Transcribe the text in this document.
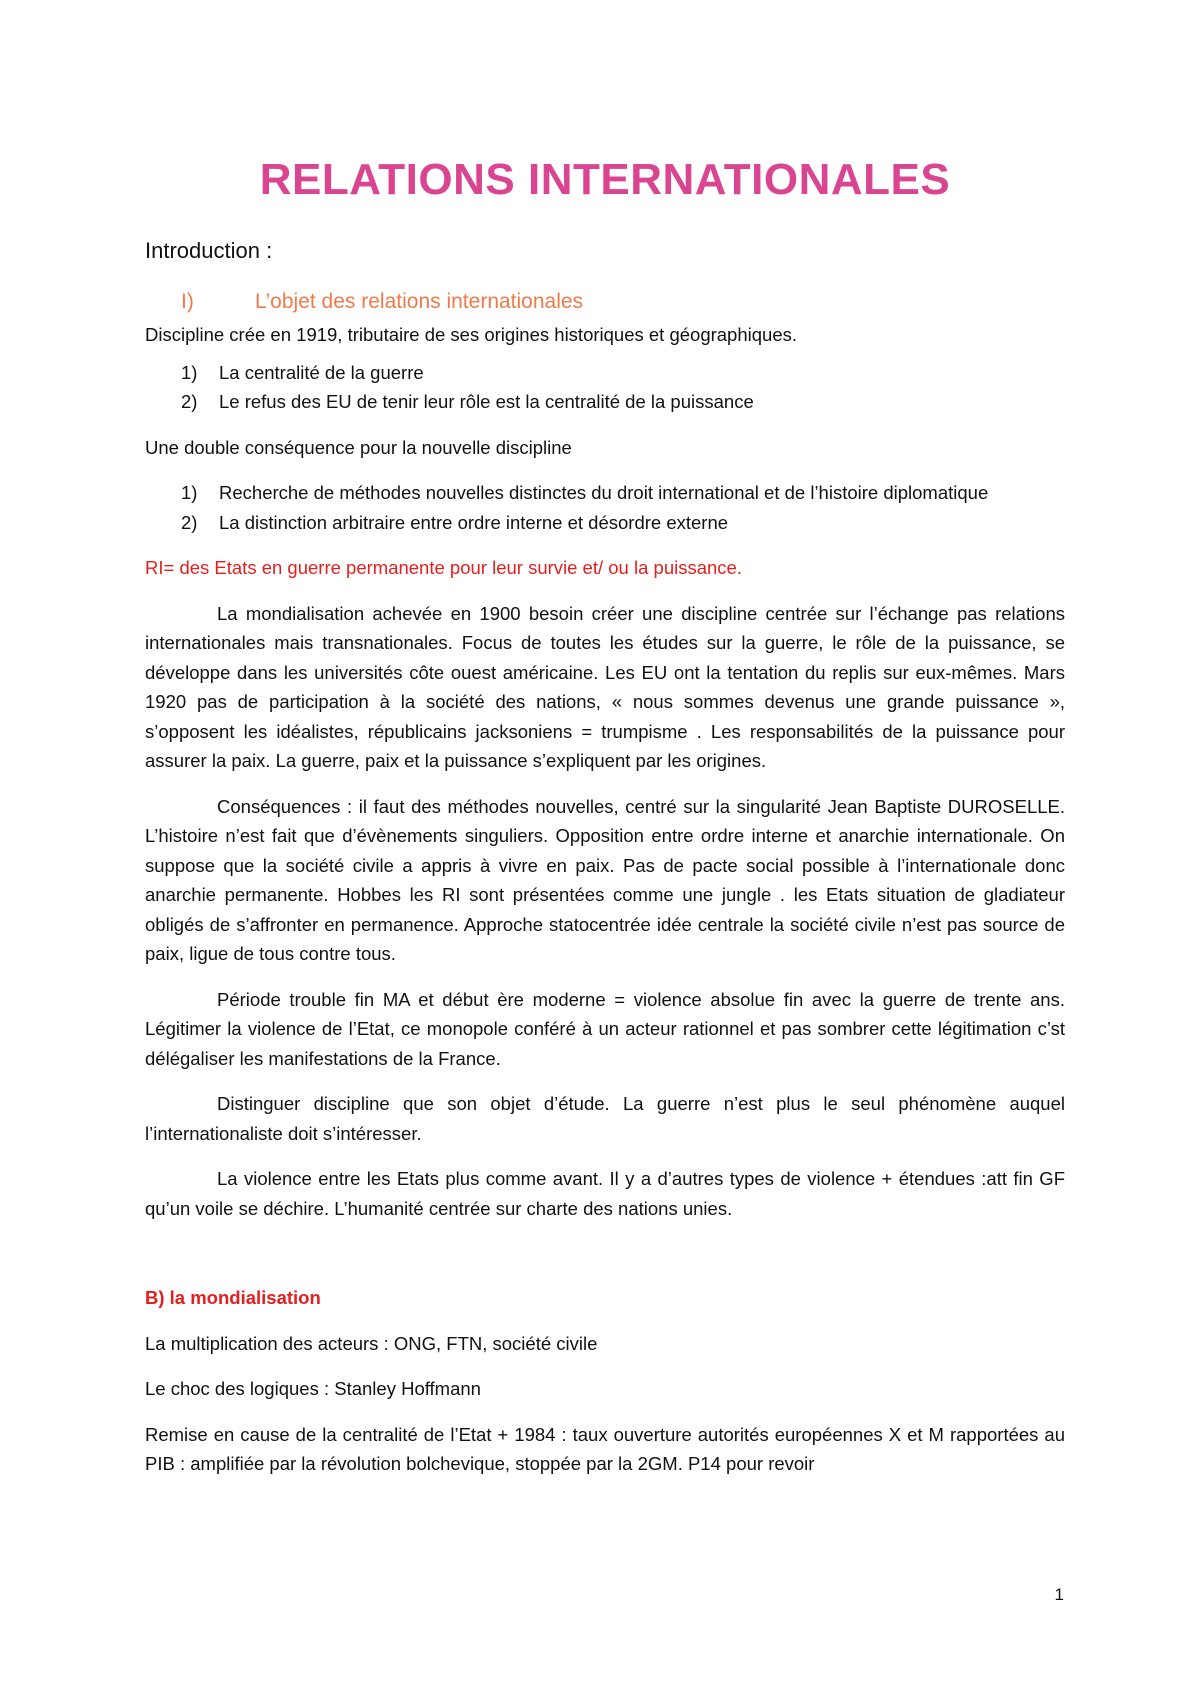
RELATIONS INTERNATIONALES
Introduction :
I)	L’objet des relations internationales

Discipline crée en 1919, tributaire de ses origines historiques et géographiques.

1)	La centralité de la guerre
2)	Le refus des EU de tenir leur rôle est la centralité de la puissance

Une double conséquence pour la nouvelle discipline

1)	Recherche de méthodes nouvelles distinctes du droit international et de l’histoire diplomatique
2)	La distinction arbitraire entre ordre interne et désordre externe

RI= des Etats en guerre permanente pour leur survie et/ ou la puissance.

La mondialisation achevée en 1900 besoin créer une discipline centrée sur l’échange pas relations internationales mais transnationales. Focus de toutes les études sur la guerre, le rôle de la puissance, se développe dans les universités côte ouest américaine. Les EU ont la tentation du replis sur eux-mêmes. Mars 1920 pas de participation à la société des nations, « nous sommes devenus une grande puissance », s’opposent les idéalistes, républicains jacksoniens = trumpisme . Les responsabilités de la puissance pour assurer la paix. La guerre, paix et la puissance s’expliquent par les origines.

Conséquences : il faut des méthodes nouvelles, centré sur la singularité Jean Baptiste DUROSELLE. L’histoire n’est fait que d’évènements singuliers. Opposition entre ordre interne et anarchie internationale. On suppose que la société civile a appris à vivre en paix. Pas de pacte social possible à l’internationale donc anarchie permanente. Hobbes les RI sont présentées comme une jungle . les Etats situation de gladiateur obligés de s’affronter en permanence. Approche statocentrée idée centrale la société civile n’est pas source de paix, ligue de tous contre tous.

Période trouble fin MA et début ère moderne = violence absolue fin avec la guerre de trente ans. Légitimer la violence de l’Etat, ce monopole conféré à un acteur rationnel et pas sombrer cette légitimation c’st délégaliser les manifestations de la France.

Distinguer discipline que son objet d’étude. La guerre n’est plus le seul phénomène auquel l’internationaliste doit s’intéresser.

La violence entre les Etats plus comme avant. Il y a d’autres types de violence + étendues :att fin GF qu’un voile se déchire. L’humanité centrée sur charte des nations unies.

B) la mondialisation

La multiplication des acteurs : ONG, FTN, société civile

Le choc des logiques : Stanley Hoffmann

Remise en cause de la centralité de l’Etat + 1984 : taux ouverture autorités européennes X et M rapportées au PIB : amplifiée par la révolution bolchevique, stoppée par la 2GM. P14 pour revoir

1
